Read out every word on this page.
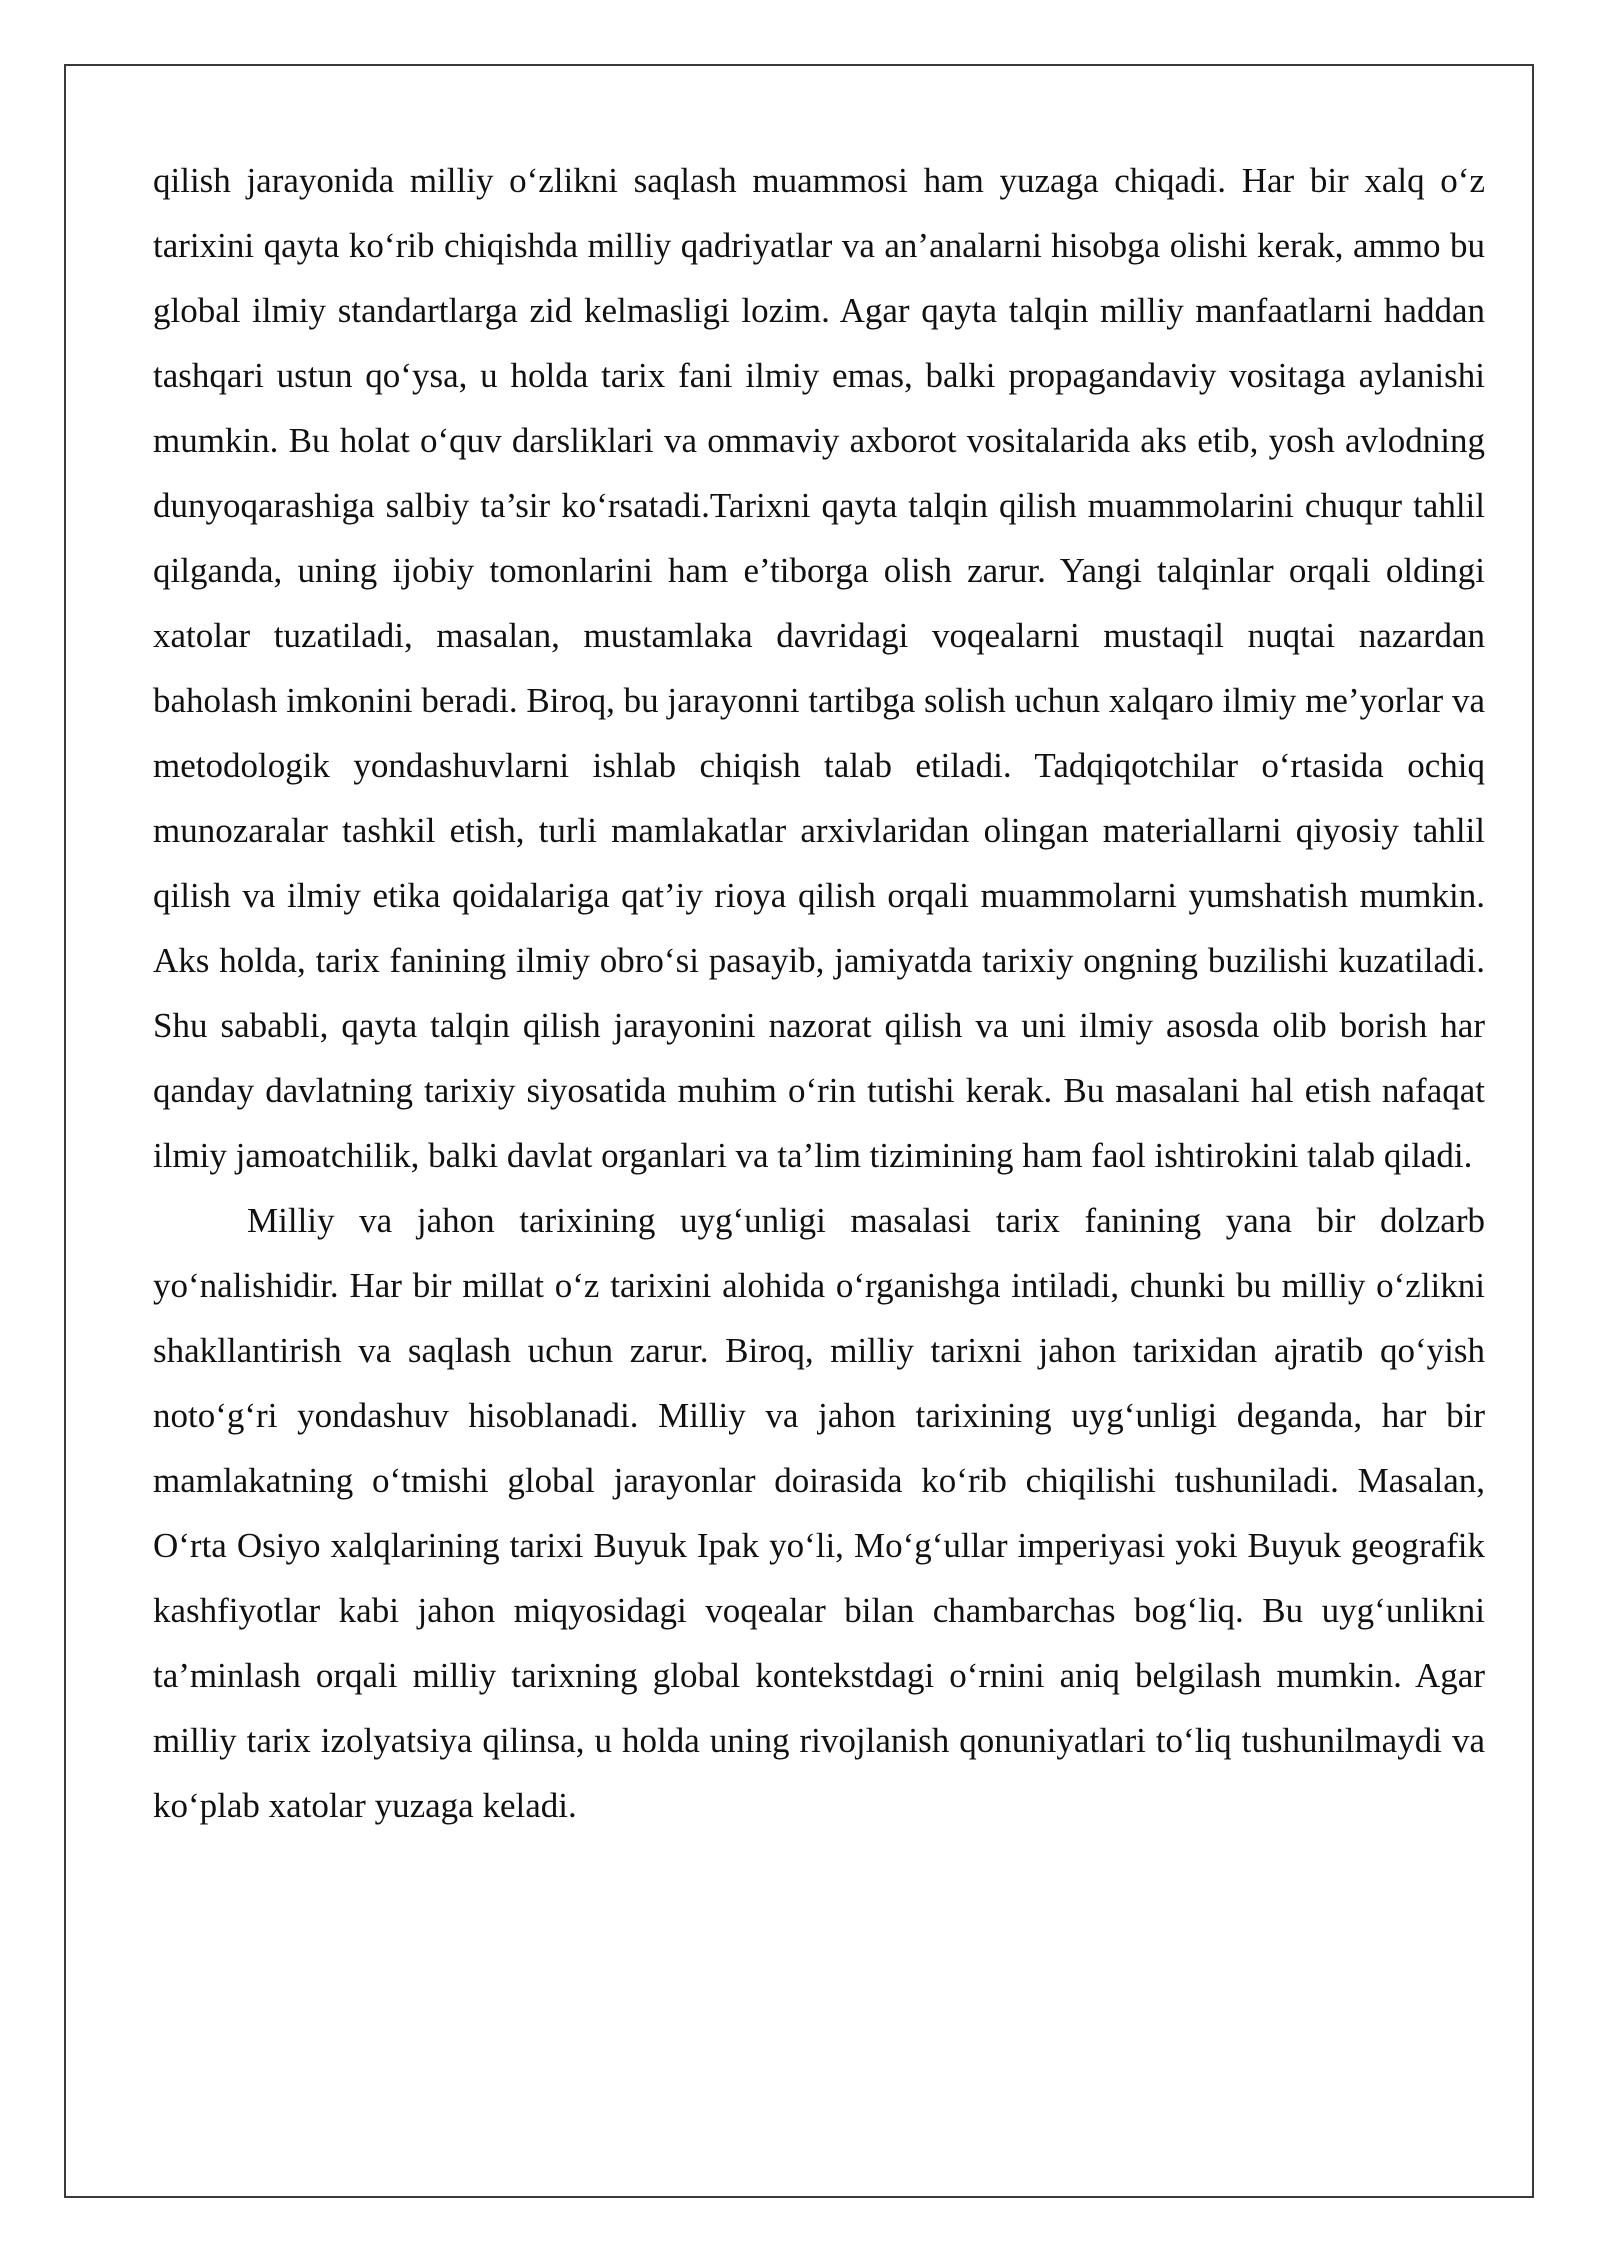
qilish jarayonida milliy o‘zlikni saqlash muammosi ham yuzaga chiqadi. Har bir xalq o‘z tarixini qayta ko‘rib chiqishda milliy qadriyatlar va an’analarni hisobga olishi kerak, ammo bu global ilmiy standartlarga zid kelmasligi lozim. Agar qayta talqin milliy manfaatlarni haddan tashqari ustun qo‘ysa, u holda tarix fani ilmiy emas, balki propagandaviy vositaga aylanishi mumkin. Bu holat o‘quv darsliklari va ommaviy axborot vositalarida aks etib, yosh avlodning dunyoqarashiga salbiy ta’sir ko‘rsatadi.Tarixni qayta talqin qilish muammolarini chuqur tahlil qilganda, uning ijobiy tomonlarini ham e’tiborga olish zarur. Yangi talqinlar orqali oldingi xatolar tuzatiladi, masalan, mustamlaka davridagi voqealarni mustaqil nuqtai nazardan baholash imkonini beradi. Biroq, bu jarayonni tartibga solish uchun xalqaro ilmiy me’yorlar va metodologik yondashuvlarni ishlab chiqish talab etiladi. Tadqiqotchilar o‘rtasida ochiq munozaralar tashkil etish, turli mamlakatlar arxivlaridan olingan materiallarni qiyosiy tahlil qilish va ilmiy etika qoidalariga qat’iy rioya qilish orqali muammolarni yumshatish mumkin. Aks holda, tarix fanining ilmiy obro‘si pasayib, jamiyatda tarixiy ongning buzilishi kuzatiladi. Shu sababli, qayta talqin qilish jarayonini nazorat qilish va uni ilmiy asosda olib borish har qanday davlatning tarixiy siyosatida muhim o‘rin tutishi kerak. Bu masalani hal etish nafaqat ilmiy jamoatchilik, balki davlat organlari va ta’lim tizimining ham faol ishtirokini talab qiladi.

Milliy va jahon tarixining uyg‘unligi masalasi tarix fanining yana bir dolzarb yo‘nalishidir. Har bir millat o‘z tarixini alohida o‘rganishga intiladi, chunki bu milliy o‘zlikni shakllantirish va saqlash uchun zarur. Biroq, milliy tarixni jahon tarixidan ajratib qo‘yish noto‘g‘ri yondashuv hisoblanadi. Milliy va jahon tarixining uyg‘unligi deganda, har bir mamlakatning o‘tmishi global jarayonlar doirasida ko‘rib chiqilishi tushuniladi. Masalan, O‘rta Osiyo xalqlarining tarixi Buyuk Ipak yo‘li, Mo‘g‘ullar imperiyasi yoki Buyuk geografik kashfiyotlar kabi jahon miqyosidagi voqealar bilan chambarchas bog‘liq. Bu uyg‘unlikni ta’minlash orqali milliy tarixning global kontekstdagi o‘rnini aniq belgilash mumkin. Agar milliy tarix izolyatsiya qilinsa, u holda uning rivojlanish qonuniyatlari to‘liq tushunilmaydi va ko‘plab xatolar yuzaga keladi.
